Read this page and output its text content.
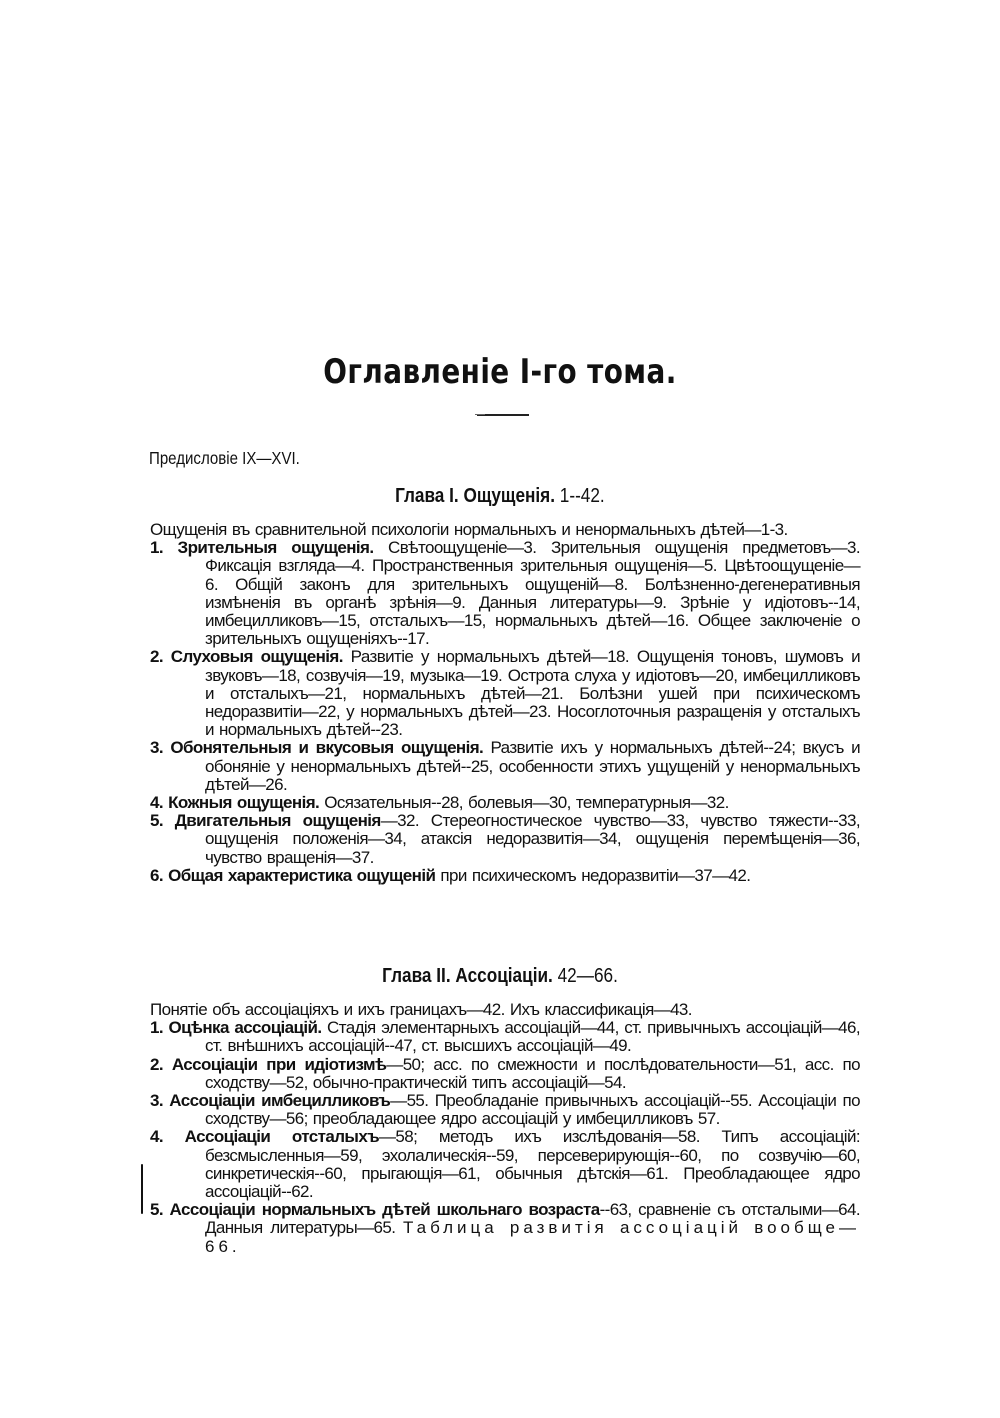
Оглавленіе І-го тома.
Предисловіе IX—XVI.
Глава I. Ощущенія. 1--42.
Ощущенія въ сравнительной психологіи нормальныхъ и ненормальныхъ дѣтей—1-3.
1. Зрительныя ощущенія. Свѣтоощущеніе—3. Зрительныя ощущенія предметовъ—3. Фиксація взгляда—4. Пространственныя зрительныя ощущенія—5. Цвѣтоощущеніе—6. Общій законъ для зрительныхъ ощущеній—8. Болѣзненно-дегенеративныя измѣненія въ органѣ зрѣнія—9. Данныя литературы—9. Зрѣніе у идіотовъ--14, имбецилликовъ—15, отсталыхъ—15, нормальныхъ дѣтей—16. Общее заключеніе о зрительныхъ ощущеніяхъ--17.
2. Слуховыя ощущенія. Развитіе у нормальныхъ дѣтей—18. Ощущенія тоновъ, шумовъ и звуковъ—18, созвучія—19, музыка—19. Острота слуха у идіотовъ—20, имбецилликовъ и отсталыхъ—21, нормальныхъ дѣтей—21. Болѣзни ушей при психическомъ недоразвитіи—22, у нормальныхъ дѣтей—23. Носоглоточныя разращенія у отсталыхъ и нормальныхъ дѣтей--23.
3. Обонятельныя и вкусовыя ощущенія. Развитіе ихъ у нормальныхъ дѣтей--24; вкусъ и обоняніе у ненормальныхъ дѣтей--25, особенности этихъ ущущеній у ненормальныхъ дѣтей—26.
4. Кожныя ощущенія. Осязательныя--28, болевыя—30, температурныя—32.
5. Двигательныя ощущенія—32. Стереогностическое чувство—33, чувство тяжести--33, ощущенія положенія—34, атаксія недоразвитія—34, ощущенія перемѣщенія—36, чувство вращенія—37.
6. Общая характеристика ощущеній при психическомъ недоразвитіи—37—42.
Глава II. Ассоціаціи. 42—66.
Понятіе объ ассоціаціяхъ и ихъ границахъ—42. Ихъ классификація—43.
1. Оцѣнка ассоціацій. Стадія элементарныхъ ассоціацій—44, ст. привычныхъ ассоціацій—46, ст. внѣшнихъ ассоціацій--47, ст. высшихъ ассоціацій—49.
2. Ассоціаціи при идіотизмѣ—50; асс. по смежности и послѣдовательности—51, асс. по сходству—52, обычно-практическій типъ ассоціацій—54.
3. Ассоціаціи имбецилликовъ—55. Преобладаніе привычныхъ ассоціацій--55. Ассоціаціи по сходству—56; преобладающее ядро ассоціацій у имбецилликовъ 57.
4. Ассоціаціи отсталыхъ—58; методъ ихъ изслѣдованія—58. Типъ ассоціацій: безсмысленныя—59, эхолалическія--59, персеверирующія--60, по созвучію—60, синкретическія--60, прыгающія—61, обычныя дѣтскія—61. Преобладающее ядро ассоціацій--62.
5. Ассоціаціи нормальныхъ дѣтей школьнаго возраста--63, сравненіе съ отсталыми—64. Данныя литературы—65. Таблица развитія ассоціацій вообще—66.
